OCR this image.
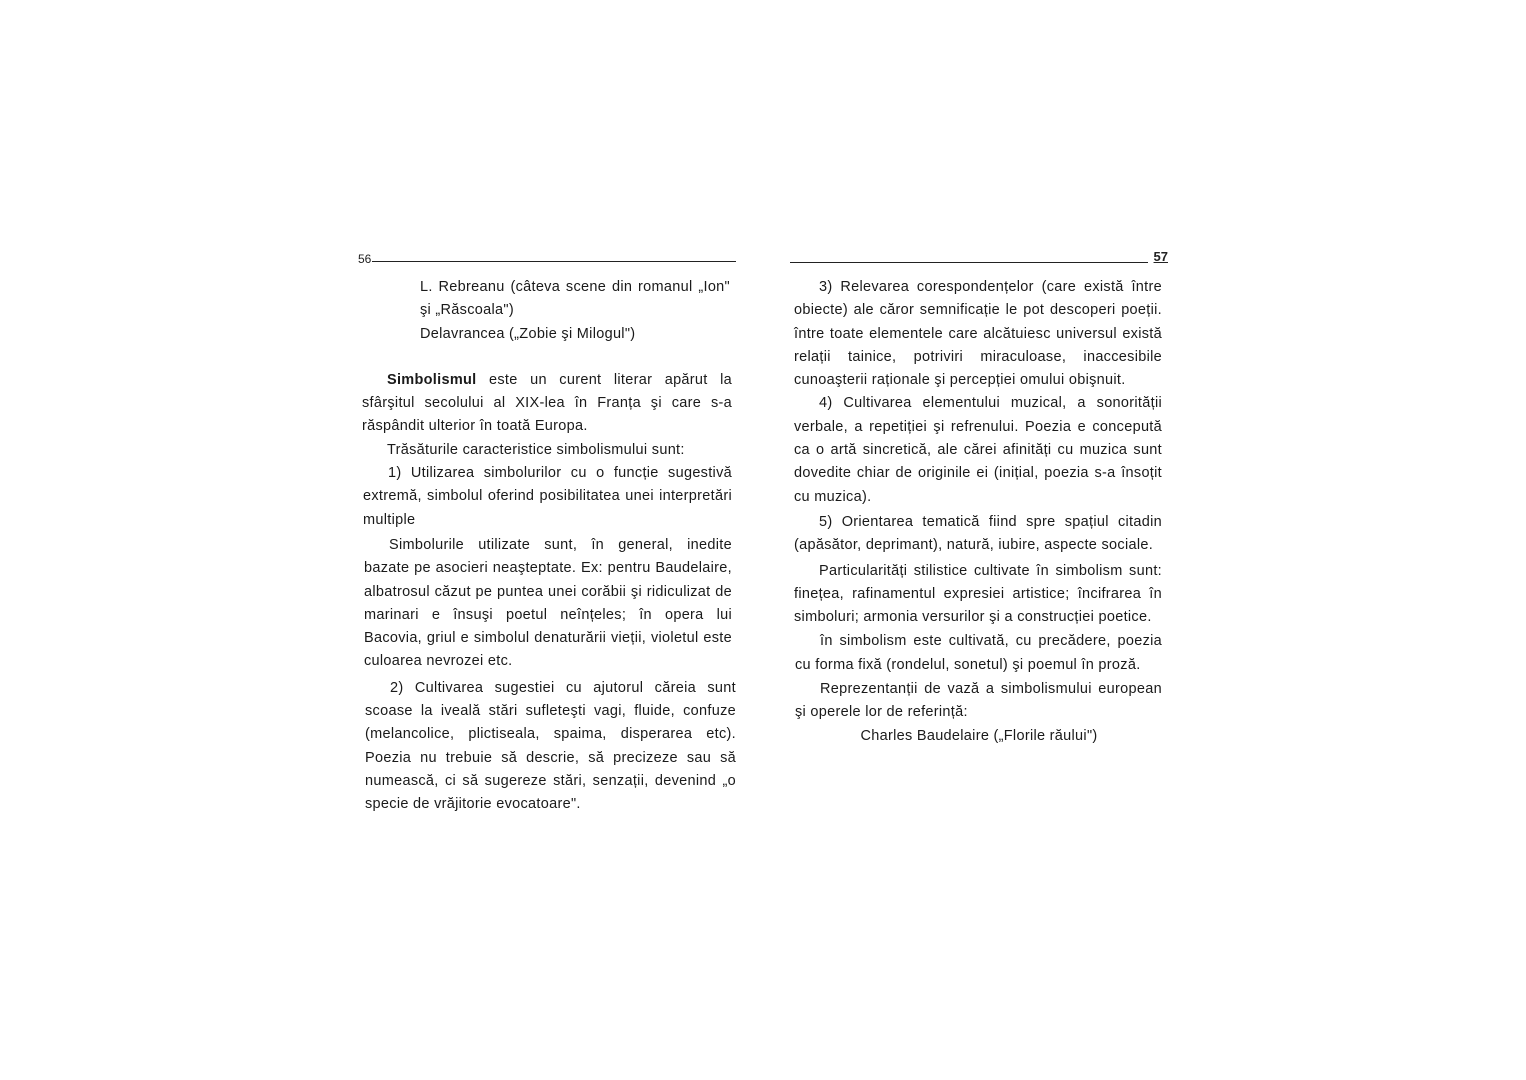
56

L. Rebreanu (câteva scene din romanul „Ion" şi „Răscoala")

Delavrancea („Zobie şi Milogul")

Simbolismul este un curent literar apărut la sfârşitul secolului al XIX-lea în Franța şi care s-a răspândit ulterior în toată Europa.

Trăsăturile caracteristice simbolismului sunt:

1) Utilizarea simbolurilor cu o funcție sugestivă extremă, simbolul oferind posibilitatea unei interpretări multiple

Simbolurile utilizate sunt, în general, inedite bazate pe asocieri neaşteptate. Ex: pentru Baudelaire, albatrosul căzut pe puntea unei corăbii şi ridiculizat de marinari e însuşi poetul neînțeles; în opera lui Bacovia, griul e simbolul denaturării vieții, violetul este culoarea nevrozei etc.

2) Cultivarea sugestiei cu ajutorul căreia sunt scoase la iveală stări sufleteşti vagi, fluide, confuze (melancolice, plictiseala, spaima, disperarea etc). Poezia nu trebuie să descrie, să precizeze sau să numească, ci să sugereze stări, senzații, devenind „o specie de vrăjitorie evocatoare".

57

3) Relevarea corespondențelor (care există între obiecte) ale căror semnificație le pot descoperi poeții. între toate elementele care alcătuiesc universul există relații tainice, potriviri miraculoase, inaccesibile cunoaşterii raționale şi percepției omului obişnuit.

4) Cultivarea elementului muzical, a sonorității verbale, a repetiției şi refrenului. Poezia e concepută ca o artă sincretică, ale cărei afinități cu muzica sunt dovedite chiar de originile ei (inițial, poezia s-a însoțit cu muzica).

5) Orientarea tematică fiind spre spațiul citadin (apăsător, deprimant), natură, iubire, aspecte sociale.

Particularități stilistice cultivate în simbolism sunt: finețea, rafinamentul expresiei artistice; încifrarea în simboluri; armonia versurilor şi a construcției poetice.

în simbolism este cultivată, cu precădere, poezia cu forma fixă (rondelul, sonetul) şi poemul în proză.

Reprezentanții de vază a simbolismului european şi operele lor de referință:

Charles Baudelaire („Florile răului")
